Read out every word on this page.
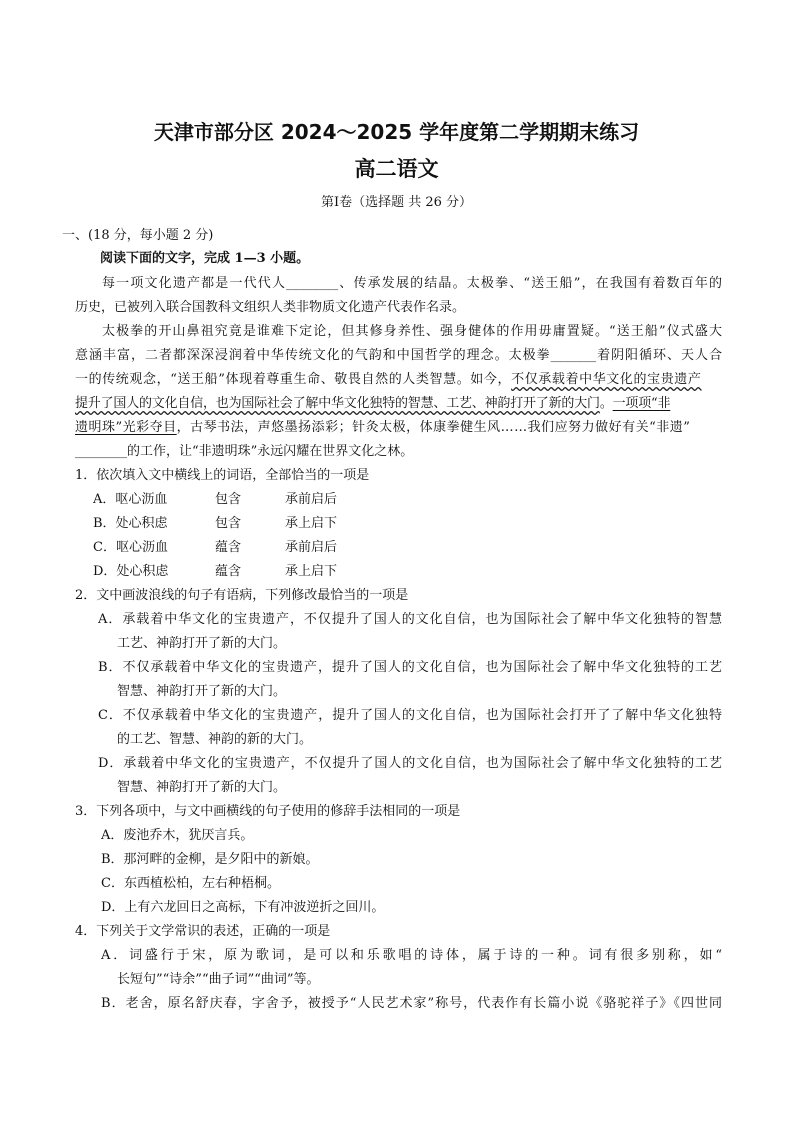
天津市部分区 2024～2025 学年度第二学期期末练习
高二语文
第Ⅰ卷（选择题 共 26 分）
一、(18 分，每小题 2 分)
阅读下面的文字，完成 1—3 小题。
每一项文化遗产都是一代代人________、传承发展的结晶。太极拳、“送王船”，在我国有着数百年的
历史，已被列入联合国教科文组织人类非物质文化遗产代表作名录。
太极拳的开山鼻祖究竟是谁难下定论，但其修身养性、强身健体的作用毋庸置疑。“送王船”仪式盛大
意涵丰富，二者都深深浸润着中华传统文化的气韵和中国哲学的理念。太极拳_______着阴阳循环、天人合
一的传统观念，“送王船”体现着尊重生命、敬畏自然的人类智慧。如今，不仅承载着中华文化的宝贵遗产
提升了国人的文化自信，也为国际社会了解中华文化独特的智慧、工艺、神韵打开了新的大门。一项项“非
遗明珠”光彩夺目，古琴书法，声悠墨扬添彩；针灸太极，体康拳健生风……我们应努力做好有关“非遗”
________的工作，让“非遗明珠”永远闪耀在世界文化之林。
1．依次填入文中横线上的词语，全部恰当的一项是
A．呕心沥血	包含	承前启后
B．处心积虑	包含	承上启下
C．呕心沥血	蕴含	承前启后
D．处心积虑	蕴含	承上启下
2．文中画波浪线的句子有语病，下列修改最恰当的一项是
A．承载着中华文化的宝贵遗产，不仅提升了国人的文化自信，也为国际社会了解中华文化独特的智慧
工艺、神韵打开了新的大门。
B．不仅承载着中华文化的宝贵遗产，提升了国人的文化自信，也为国际社会了解中华文化独特的工艺
智慧、神韵打开了新的大门。
C．不仅承载着中华文化的宝贵遗产，提升了国人的文化自信，也为国际社会打开了了解中华文化独特
的工艺、智慧、神韵的新的大门。
D．承载着中华文化的宝贵遗产，不仅提升了国人的文化自信，也为国际社会了解中华文化独特的工艺
智慧、神韵打开了新的大门。
3．下列各项中，与文中画横线的句子使用的修辞手法相同的一项是
A．废池乔木，犹厌言兵。
B．那河畔的金柳，是夕阳中的新娘。
C．东西植松柏，左右种梧桐。
D．上有六龙回日之高标，下有冲波逆折之回川。
4．下列关于文学常识的表述，正确的一项是
A．词盛行于宋，原为歌词，是可以和乐歌唱的诗体，属于诗的一种。词有很多别称，如“
长短句”“诗余”“曲子词”“曲词”等。
B．老舍，原名舒庆春，字舍予，被授予“人民艺术家”称号，代表作有长篇小说《骆驼祥子》《四世同
